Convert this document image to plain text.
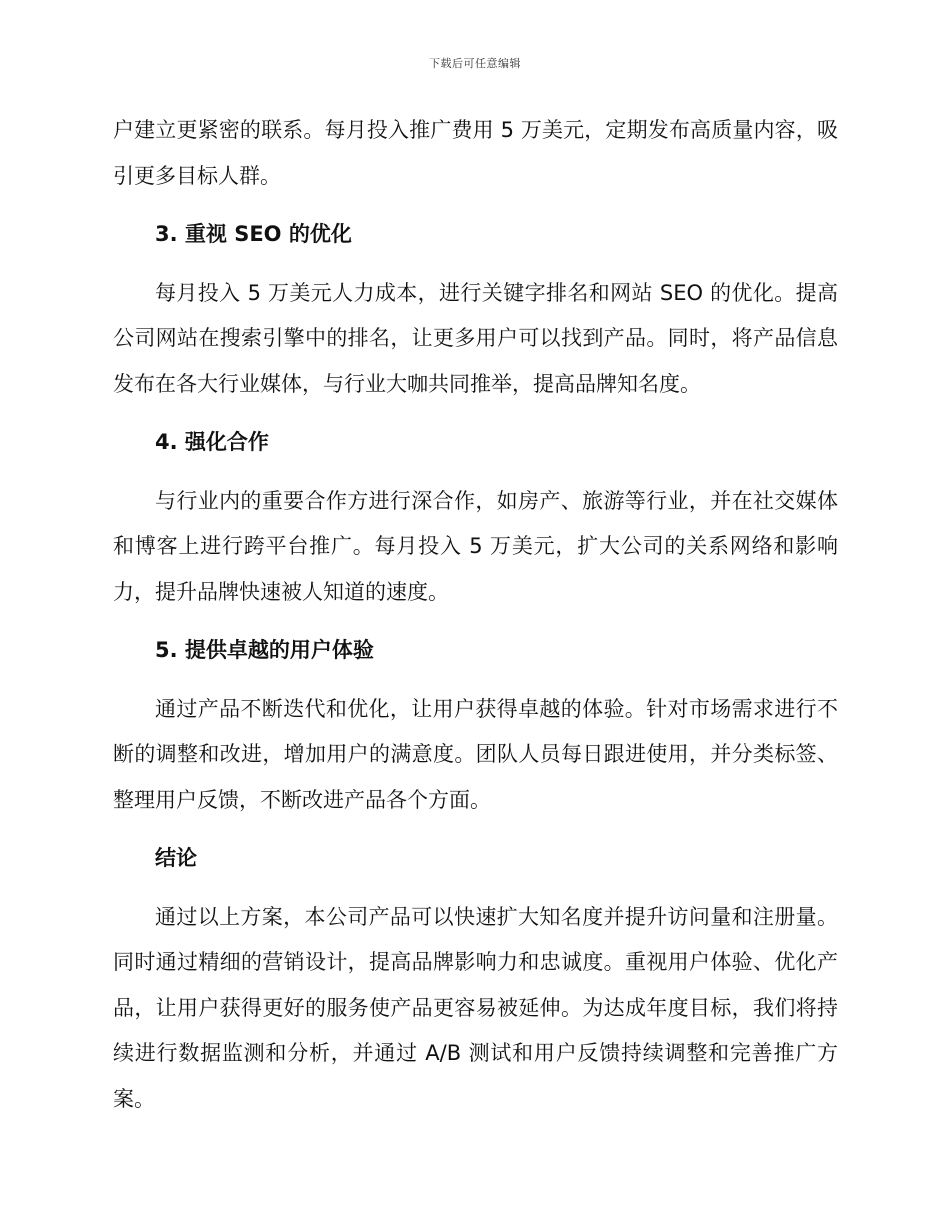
下载后可任意编辑

户建立更紧密的联系。每月投入推广费用 5 万美元，定期发布高质量内容，吸引更多目标人群。

3. 重视 SEO 的优化

每月投入 5 万美元人力成本，进行关键字排名和网站 SEO 的优化。提高公司网站在搜索引擎中的排名，让更多用户可以找到产品。同时，将产品信息发布在各大行业媒体，与行业大咖共同推举，提高品牌知名度。

4. 强化合作

与行业内的重要合作方进行深合作，如房产、旅游等行业，并在社交媒体和博客上进行跨平台推广。每月投入 5 万美元，扩大公司的关系网络和影响力，提升品牌快速被人知道的速度。

5. 提供卓越的用户体验

通过产品不断迭代和优化，让用户获得卓越的体验。针对市场需求进行不断的调整和改进，增加用户的满意度。团队人员每日跟进使用，并分类标签、整理用户反馈，不断改进产品各个方面。

结论

通过以上方案，本公司产品可以快速扩大知名度并提升访问量和注册量。同时通过精细的营销设计，提高品牌影响力和忠诚度。重视用户体验、优化产品，让用户获得更好的服务使产品更容易被延伸。为达成年度目标，我们将持续进行数据监测和分析，并通过 A/B 测试和用户反馈持续调整和完善推广方案。
